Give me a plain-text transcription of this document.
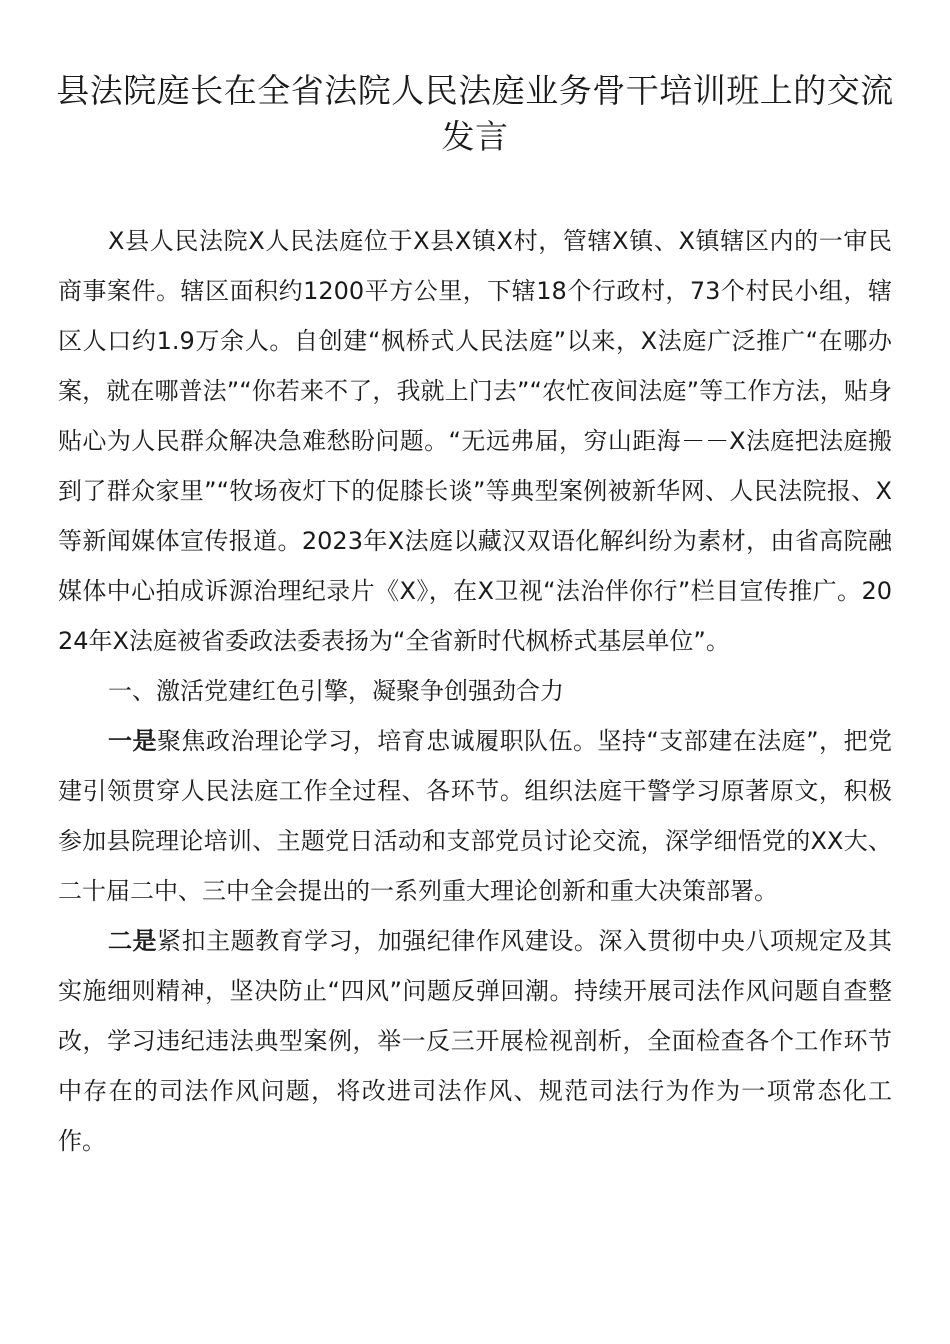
县法院庭长在全省法院人民法庭业务骨干培训班上的交流发言

X县人民法院X人民法庭位于X县X镇X村，管辖X镇、X镇辖区内的一审民商事案件。辖区面积约1200平方公里，下辖18个行政村，73个村民小组，辖区人口约1.9万余人。自创建“枫桥式人民法庭”以来，X法庭广泛推广“在哪办案，就在哪普法”“你若来不了，我就上门去”“农忙夜间法庭”等工作方法，贴身贴心为人民群众解决急难愁盼问题。“无远弗届，穷山距海－－X法庭把法庭搬到了群众家里”“牧场夜灯下的促膝长谈”等典型案例被新华网、人民法院报、X等新闻媒体宣传报道。2023年X法庭以藏汉双语化解纠纷为素材，由省高院融媒体中心拍成诉源治理纪录片《X》，在X卫视“法治伴你行”栏目宣传推广。2024年X法庭被省委政法委表扬为“全省新时代枫桥式基层单位”。

一、激活党建红色引擎，凝聚争创强劲合力

一是聚焦政治理论学习，培育忠诚履职队伍。坚持“支部建在法庭”，把党建引领贯穿人民法庭工作全过程、各环节。组织法庭干警学习原著原文，积极参加县院理论培训、主题党日活动和支部党员讨论交流，深学细悟党的XX大、二十届二中、三中全会提出的一系列重大理论创新和重大决策部署。

二是紧扣主题教育学习，加强纪律作风建设。深入贯彻中央八项规定及其实施细则精神，坚决防止“四风”问题反弹回潮。持续开展司法作风问题自查整改，学习违纪违法典型案例，举一反三开展检视剖析，全面检查各个工作环节中存在的司法作风问题，将改进司法作风、规范司法行为作为一项常态化工作。
